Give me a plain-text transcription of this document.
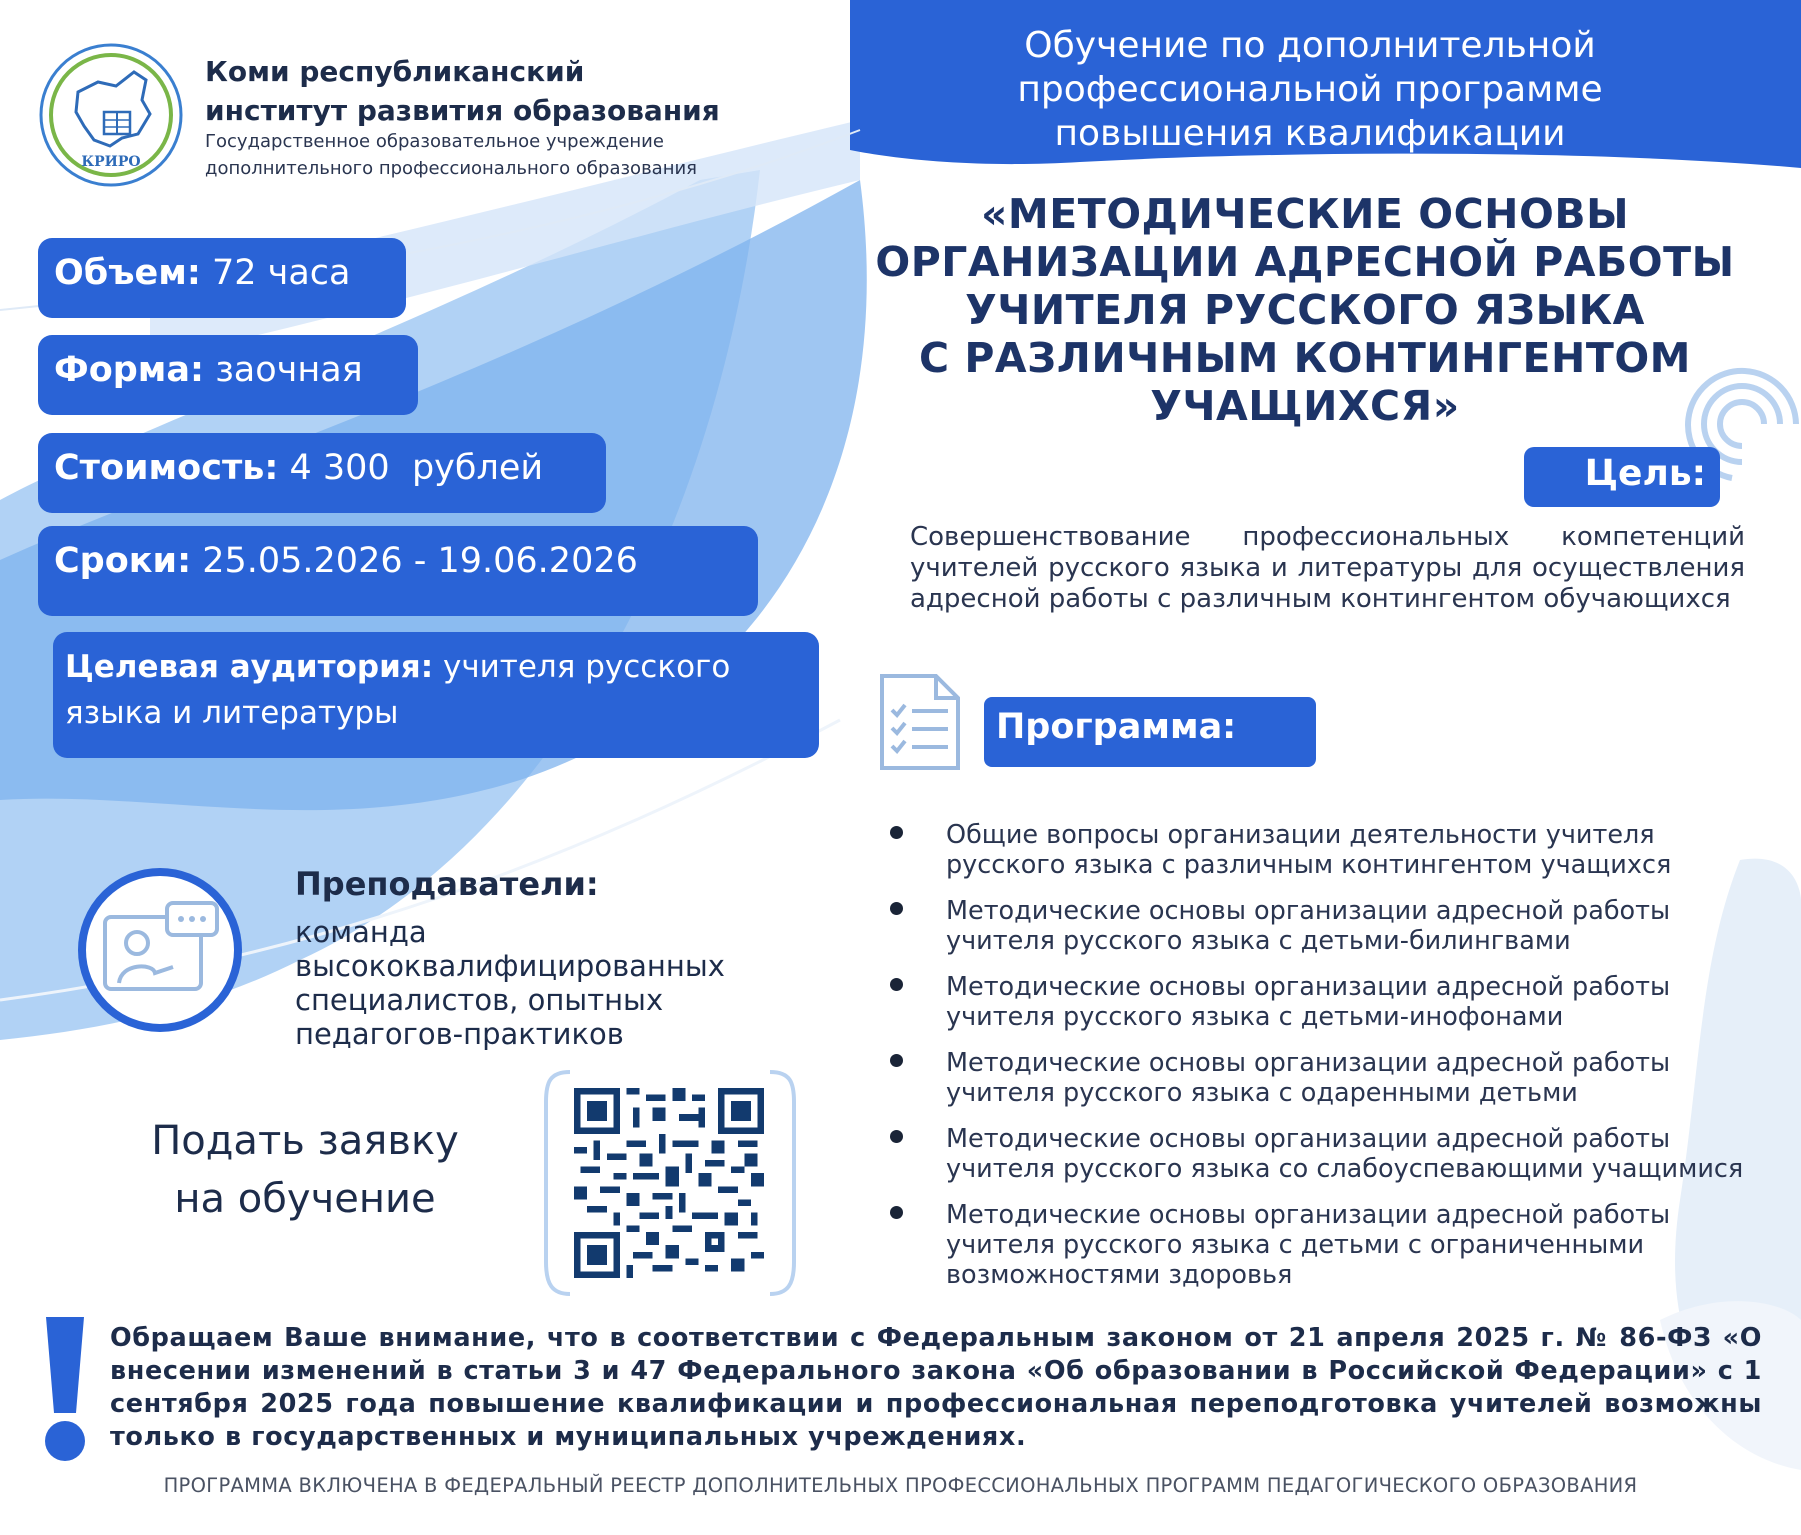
КРИРО
Коми республиканский
институт развития образования
Государственное образовательное учреждение
дополнительного профессионального образования
Обучение по дополнительной
профессиональной программе
повышения квалификации
«МЕТОДИЧЕСКИЕ ОСНОВЫ
ОРГАНИЗАЦИИ АДРЕСНОЙ РАБОТЫ
УЧИТЕЛЯ РУССКОГО ЯЗЫКА
С РАЗЛИЧНЫМ КОНТИНГЕНТОМ
УЧАЩИХСЯ»
Объем: 72 часа
Форма: заочная
Стоимость: 4 300  рублей
Сроки: 25.05.2026 - 19.06.2026
Целевая аудитория: учителя русского
языка и литературы
Преподаватели:
команда
высококвалифицированных
специалистов, опытных
педагогов-практиков
Подать заявку
на обучение
Цель:
Совершенствование профессиональных компетенций учителей русского языка и литературы для осуществления адресной работы с различным контингентом обучающихся
Программа:
Общие вопросы организации деятельности учителя
русского языка с различным контингентом учащихся
Методические основы организации адресной работы
учителя русского языка с детьми-билингвами
Методические основы организации адресной работы
учителя русского языка с детьми-инофонами
Методические основы организации адресной работы
учителя русского языка с одаренными детьми
Методические основы организации адресной работы
учителя русского языка со слабоуспевающими учащимися
Методические основы организации адресной работы
учителя русского языка с детьми с ограниченными
возможностями здоровья
Обращаем Ваше внимание, что в соответствии с Федеральным законом от 21 апреля 2025 г. № 86-ФЗ «О внесении изменений в статьи 3 и 47 Федерального закона «Об образовании в Российской Федерации» с 1 сентября 2025 года повышение квалификации и профессиональная переподготовка учителей возможны только в государственных и муниципальных учреждениях.
ПРОГРАММА ВКЛЮЧЕНА В ФЕДЕРАЛЬНЫЙ РЕЕСТР ДОПОЛНИТЕЛЬНЫХ ПРОФЕССИОНАЛЬНЫХ ПРОГРАММ ПЕДАГОГИЧЕСКОГО ОБРАЗОВАНИЯ
